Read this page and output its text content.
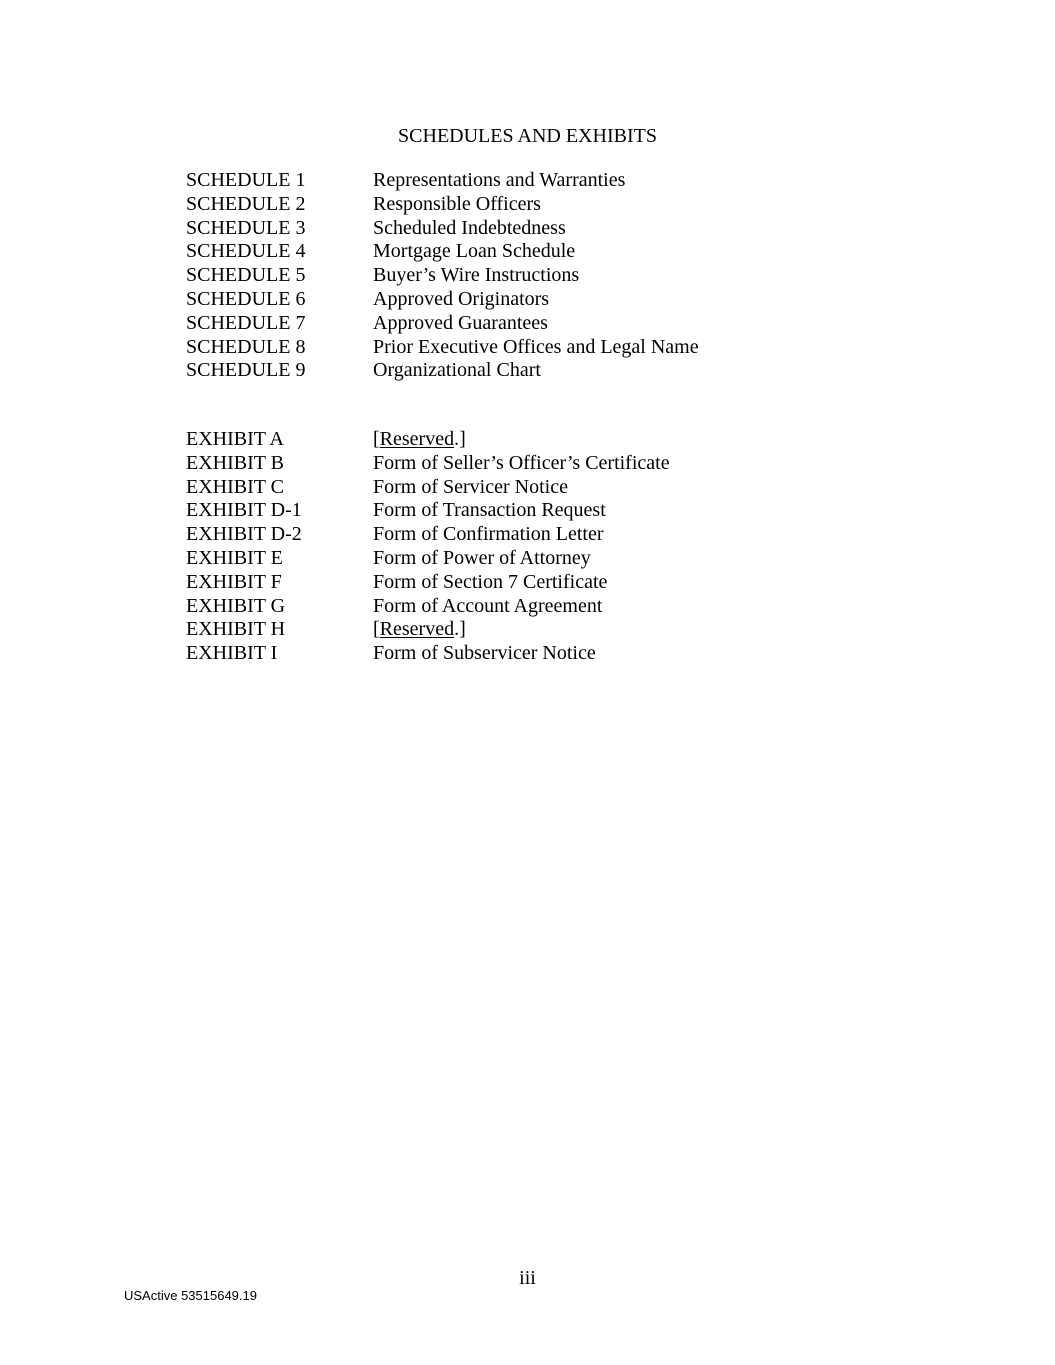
SCHEDULES AND EXHIBITS
SCHEDULE 1	Representations and Warranties
SCHEDULE 2	Responsible Officers
SCHEDULE 3	Scheduled Indebtedness
SCHEDULE 4	Mortgage Loan Schedule
SCHEDULE 5	Buyer’s Wire Instructions
SCHEDULE 6	Approved Originators
SCHEDULE 7	Approved Guarantees
SCHEDULE 8	Prior Executive Offices and Legal Name
SCHEDULE 9	Organizational Chart
EXHIBIT A	[Reserved.]
EXHIBIT B	Form of Seller’s Officer’s Certificate
EXHIBIT C	Form of Servicer Notice
EXHIBIT D-1	Form of Transaction Request
EXHIBIT D-2	Form of Confirmation Letter
EXHIBIT E	Form of Power of Attorney
EXHIBIT F	Form of Section 7 Certificate
EXHIBIT G	Form of Account Agreement
EXHIBIT H	[Reserved.]
EXHIBIT I	Form of Subservicer Notice
iii
USActive 53515649.19
